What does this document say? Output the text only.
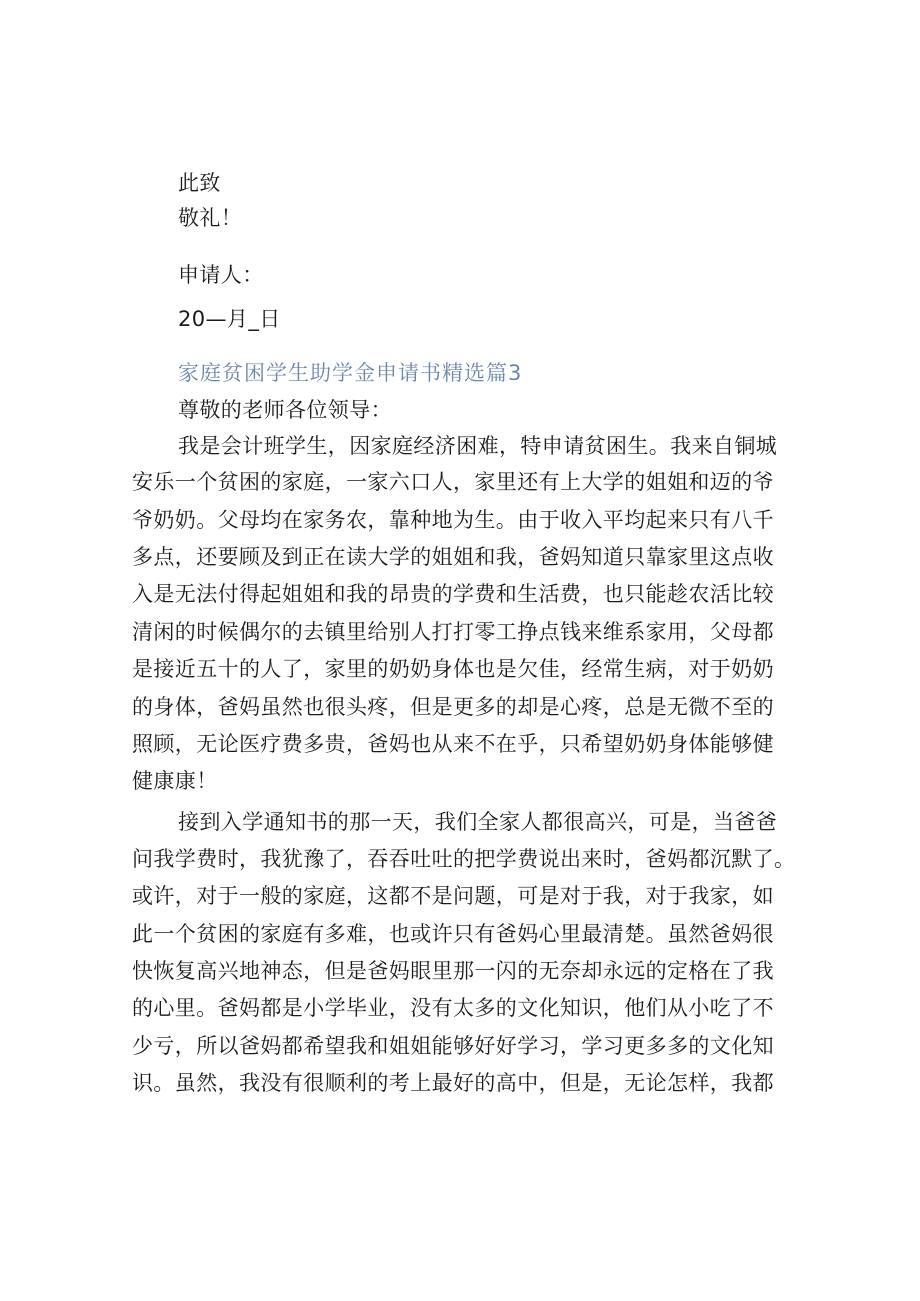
此致
敬礼！
申请人：
20—月_日
家庭贫困学生助学金申请书精选篇3
尊敬的老师各位领导：
我是会计班学生，因家庭经济困难，特申请贫困生。我来自铜城
安乐一个贫困的家庭，一家六口人，家里还有上大学的姐姐和迈的爷
爷奶奶。父母均在家务农，靠种地为生。由于收入平均起来只有八千
多点，还要顾及到正在读大学的姐姐和我，爸妈知道只靠家里这点收
入是无法付得起姐姐和我的昂贵的学费和生活费，也只能趁农活比较
清闲的时候偶尔的去镇里给别人打打零工挣点钱来维系家用，父母都
是接近五十的人了，家里的奶奶身体也是欠佳，经常生病，对于奶奶
的身体，爸妈虽然也很头疼，但是更多的却是心疼，总是无微不至的
照顾，无论医疗费多贵，爸妈也从来不在乎，只希望奶奶身体能够健
健康康！
接到入学通知书的那一天，我们全家人都很高兴，可是，当爸爸
问我学费时，我犹豫了，吞吞吐吐的把学费说出来时，爸妈都沉默了。
或许，对于一般的家庭，这都不是问题，可是对于我，对于我家，如
此一个贫困的家庭有多难，也或许只有爸妈心里最清楚。虽然爸妈很
快恢复高兴地神态，但是爸妈眼里那一闪的无奈却永远的定格在了我
的心里。爸妈都是小学毕业，没有太多的文化知识，他们从小吃了不
少亏，所以爸妈都希望我和姐姐能够好好学习，学习更多多的文化知
识。虽然，我没有很顺利的考上最好的高中，但是，无论怎样，我都
